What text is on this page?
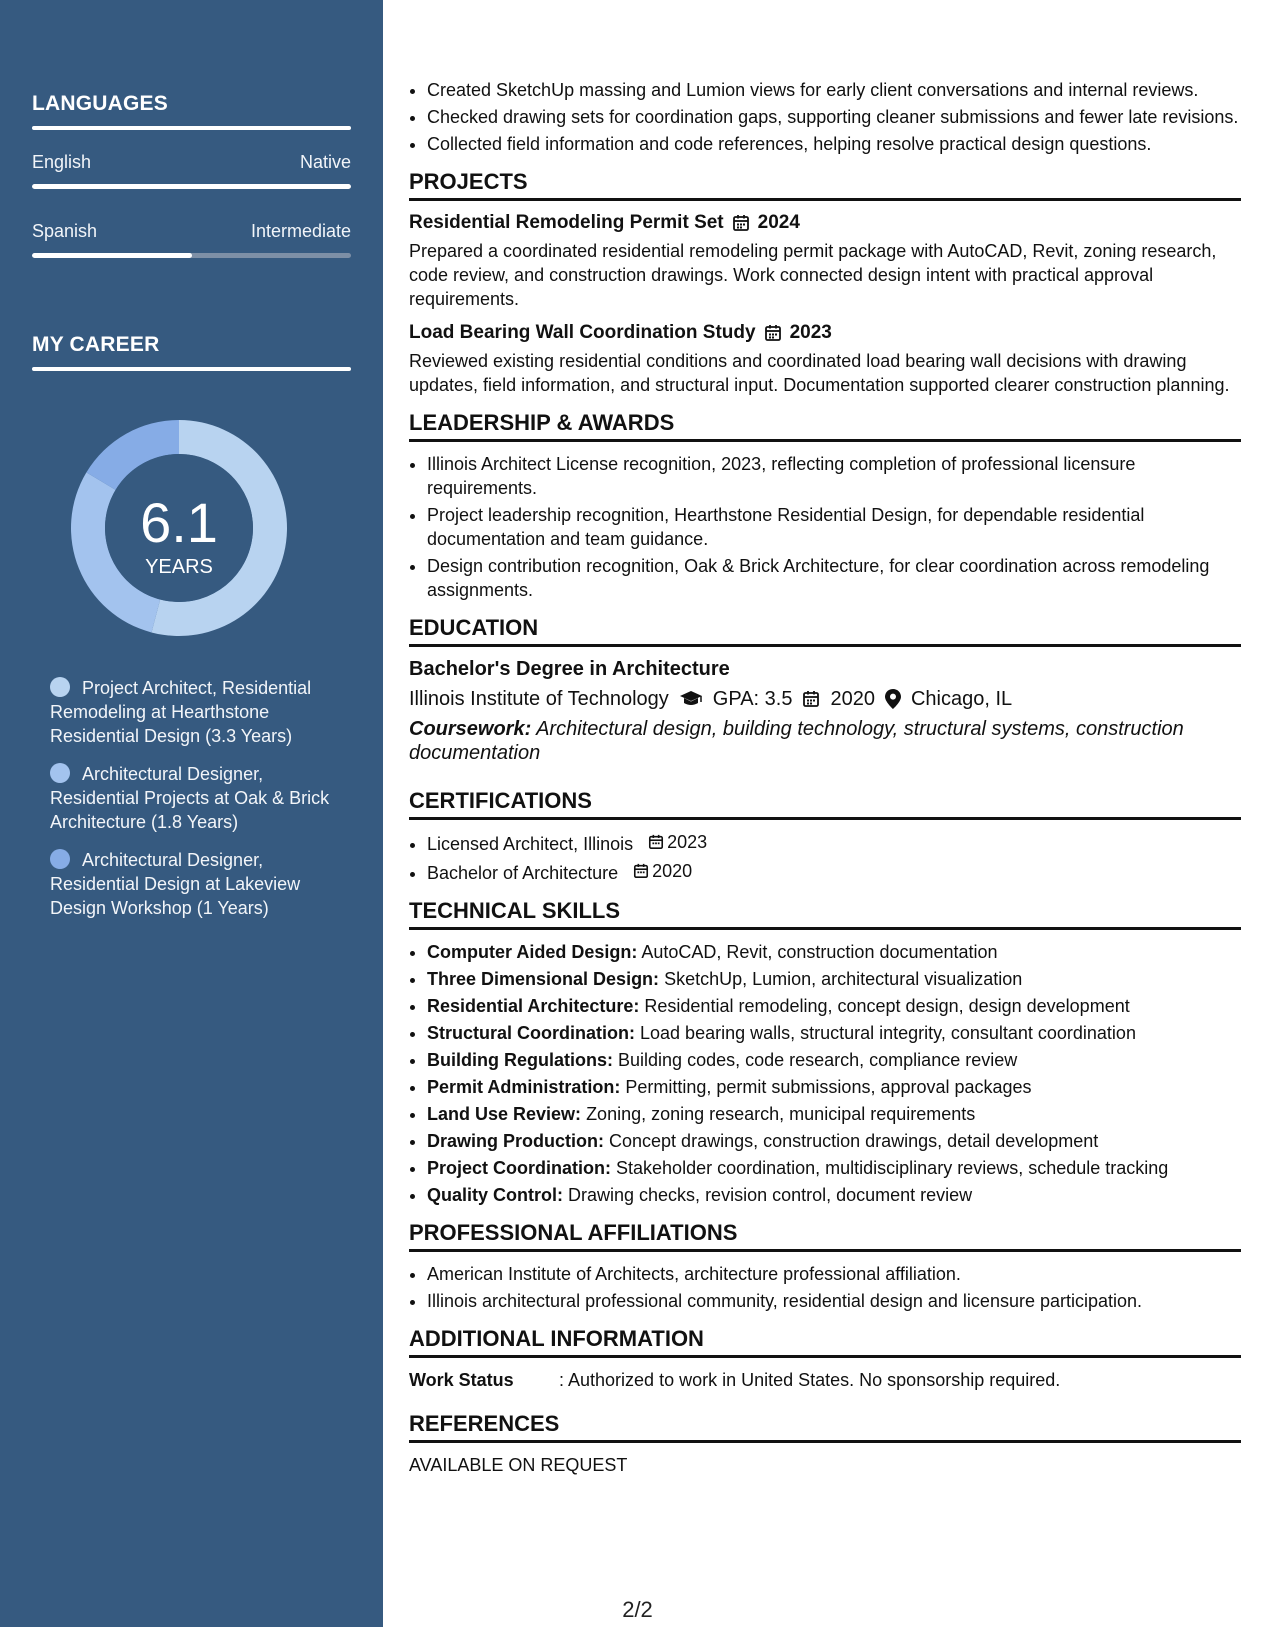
LANGUAGES
English	Native
Spanish	Intermediate
MY CAREER
6.1
YEARS
Project Architect, Residential Remodeling at Hearthstone Residential Design (3.3 Years)
Architectural Designer, Residential Projects at Oak & Brick Architecture (1.8 Years)
Architectural Designer, Residential Design at Lakeview Design Workshop (1 Years)
• Created SketchUp massing and Lumion views for early client conversations and internal reviews.
• Checked drawing sets for coordination gaps, supporting cleaner submissions and fewer late revisions.
• Collected field information and code references, helping resolve practical design questions.
PROJECTS
Residential Remodeling Permit Set 2024
Prepared a coordinated residential remodeling permit package with AutoCAD, Revit, zoning research, code review, and construction drawings. Work connected design intent with practical approval requirements.
Load Bearing Wall Coordination Study 2023
Reviewed existing residential conditions and coordinated load bearing wall decisions with drawing updates, field information, and structural input. Documentation supported clearer construction planning.
LEADERSHIP & AWARDS
• Illinois Architect License recognition, 2023, reflecting completion of professional licensure requirements.
• Project leadership recognition, Hearthstone Residential Design, for dependable residential documentation and team guidance.
• Design contribution recognition, Oak & Brick Architecture, for clear coordination across remodeling assignments.
EDUCATION
Bachelor's Degree in Architecture
Illinois Institute of Technology GPA: 3.5 2020 Chicago, IL
Coursework: Architectural design, building technology, structural systems, construction documentation
CERTIFICATIONS
• Licensed Architect, Illinois 2023
• Bachelor of Architecture 2020
TECHNICAL SKILLS
• Computer Aided Design: AutoCAD, Revit, construction documentation
• Three Dimensional Design: SketchUp, Lumion, architectural visualization
• Residential Architecture: Residential remodeling, concept design, design development
• Structural Coordination: Load bearing walls, structural integrity, consultant coordination
• Building Regulations: Building codes, code research, compliance review
• Permit Administration: Permitting, permit submissions, approval packages
• Land Use Review: Zoning, zoning research, municipal requirements
• Drawing Production: Concept drawings, construction drawings, detail development
• Project Coordination: Stakeholder coordination, multidisciplinary reviews, schedule tracking
• Quality Control: Drawing checks, revision control, document review
PROFESSIONAL AFFILIATIONS
• American Institute of Architects, architecture professional affiliation.
• Illinois architectural professional community, residential design and licensure participation.
ADDITIONAL INFORMATION
Work Status	: Authorized to work in United States. No sponsorship required.
REFERENCES
AVAILABLE ON REQUEST
2/2
